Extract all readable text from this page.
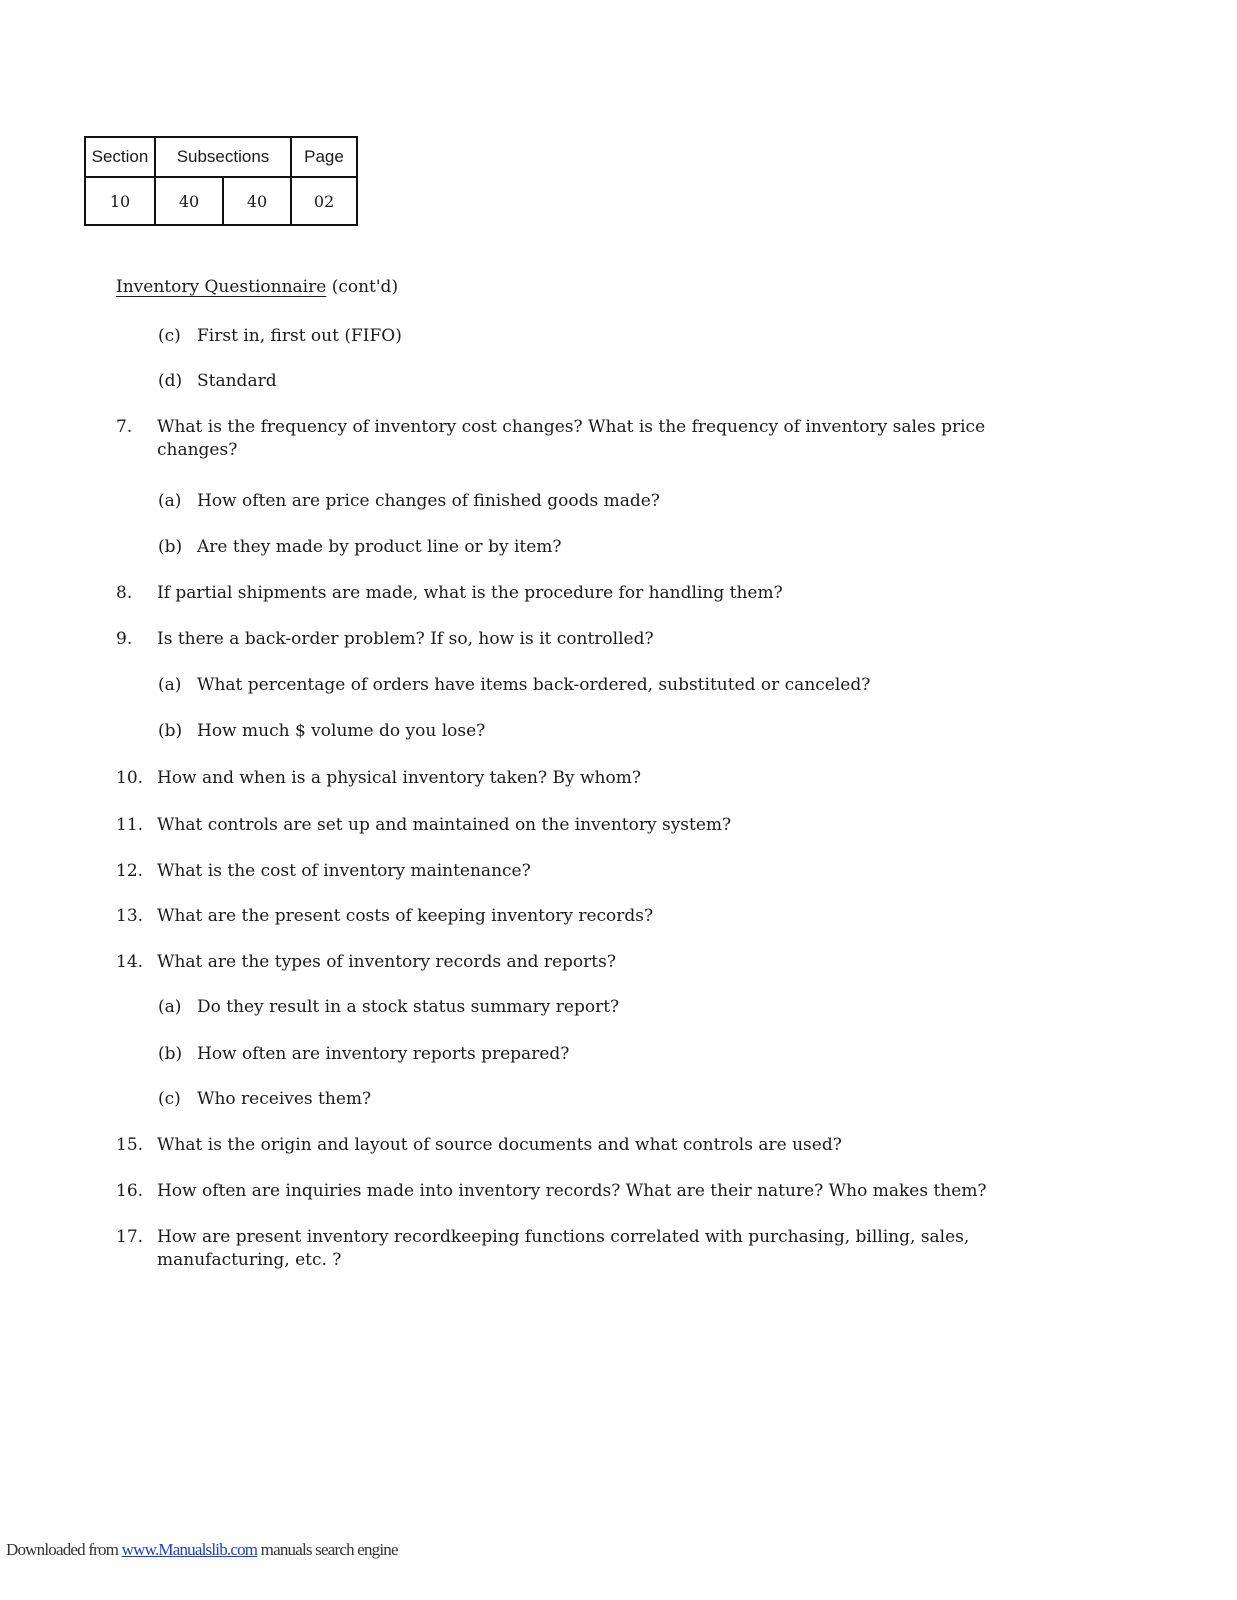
Section	Subsections		Page
10	40	40	02
Inventory Questionnaire (cont'd)
(c) First in, first out (FIFO)
(d) Standard
7. What is the frequency of inventory cost changes? What is the frequency of inventory sales price
changes?
(a) How often are price changes of finished goods made?
(b) Are they made by product line or by item?
8. If partial shipments are made, what is the procedure for handling them?
9. Is there a back-order problem? If so, how is it controlled?
(a) What percentage of orders have items back-ordered, substituted or canceled?
(b) How much $ volume do you lose?
10. How and when is a physical inventory taken? By whom?
11. What controls are set up and maintained on the inventory system?
12. What is the cost of inventory maintenance?
13. What are the present costs of keeping inventory records?
14. What are the types of inventory records and reports?
(a) Do they result in a stock status summary report?
(b) How often are inventory reports prepared?
(c) Who receives them?
15. What is the origin and layout of source documents and what controls are used?
16. How often are inquiries made into inventory records? What are their nature? Who makes them?
17. How are present inventory recordkeeping functions correlated with purchasing, billing, sales,
manufacturing, etc. ?
Downloaded from www.Manualslib.com manuals search engine
